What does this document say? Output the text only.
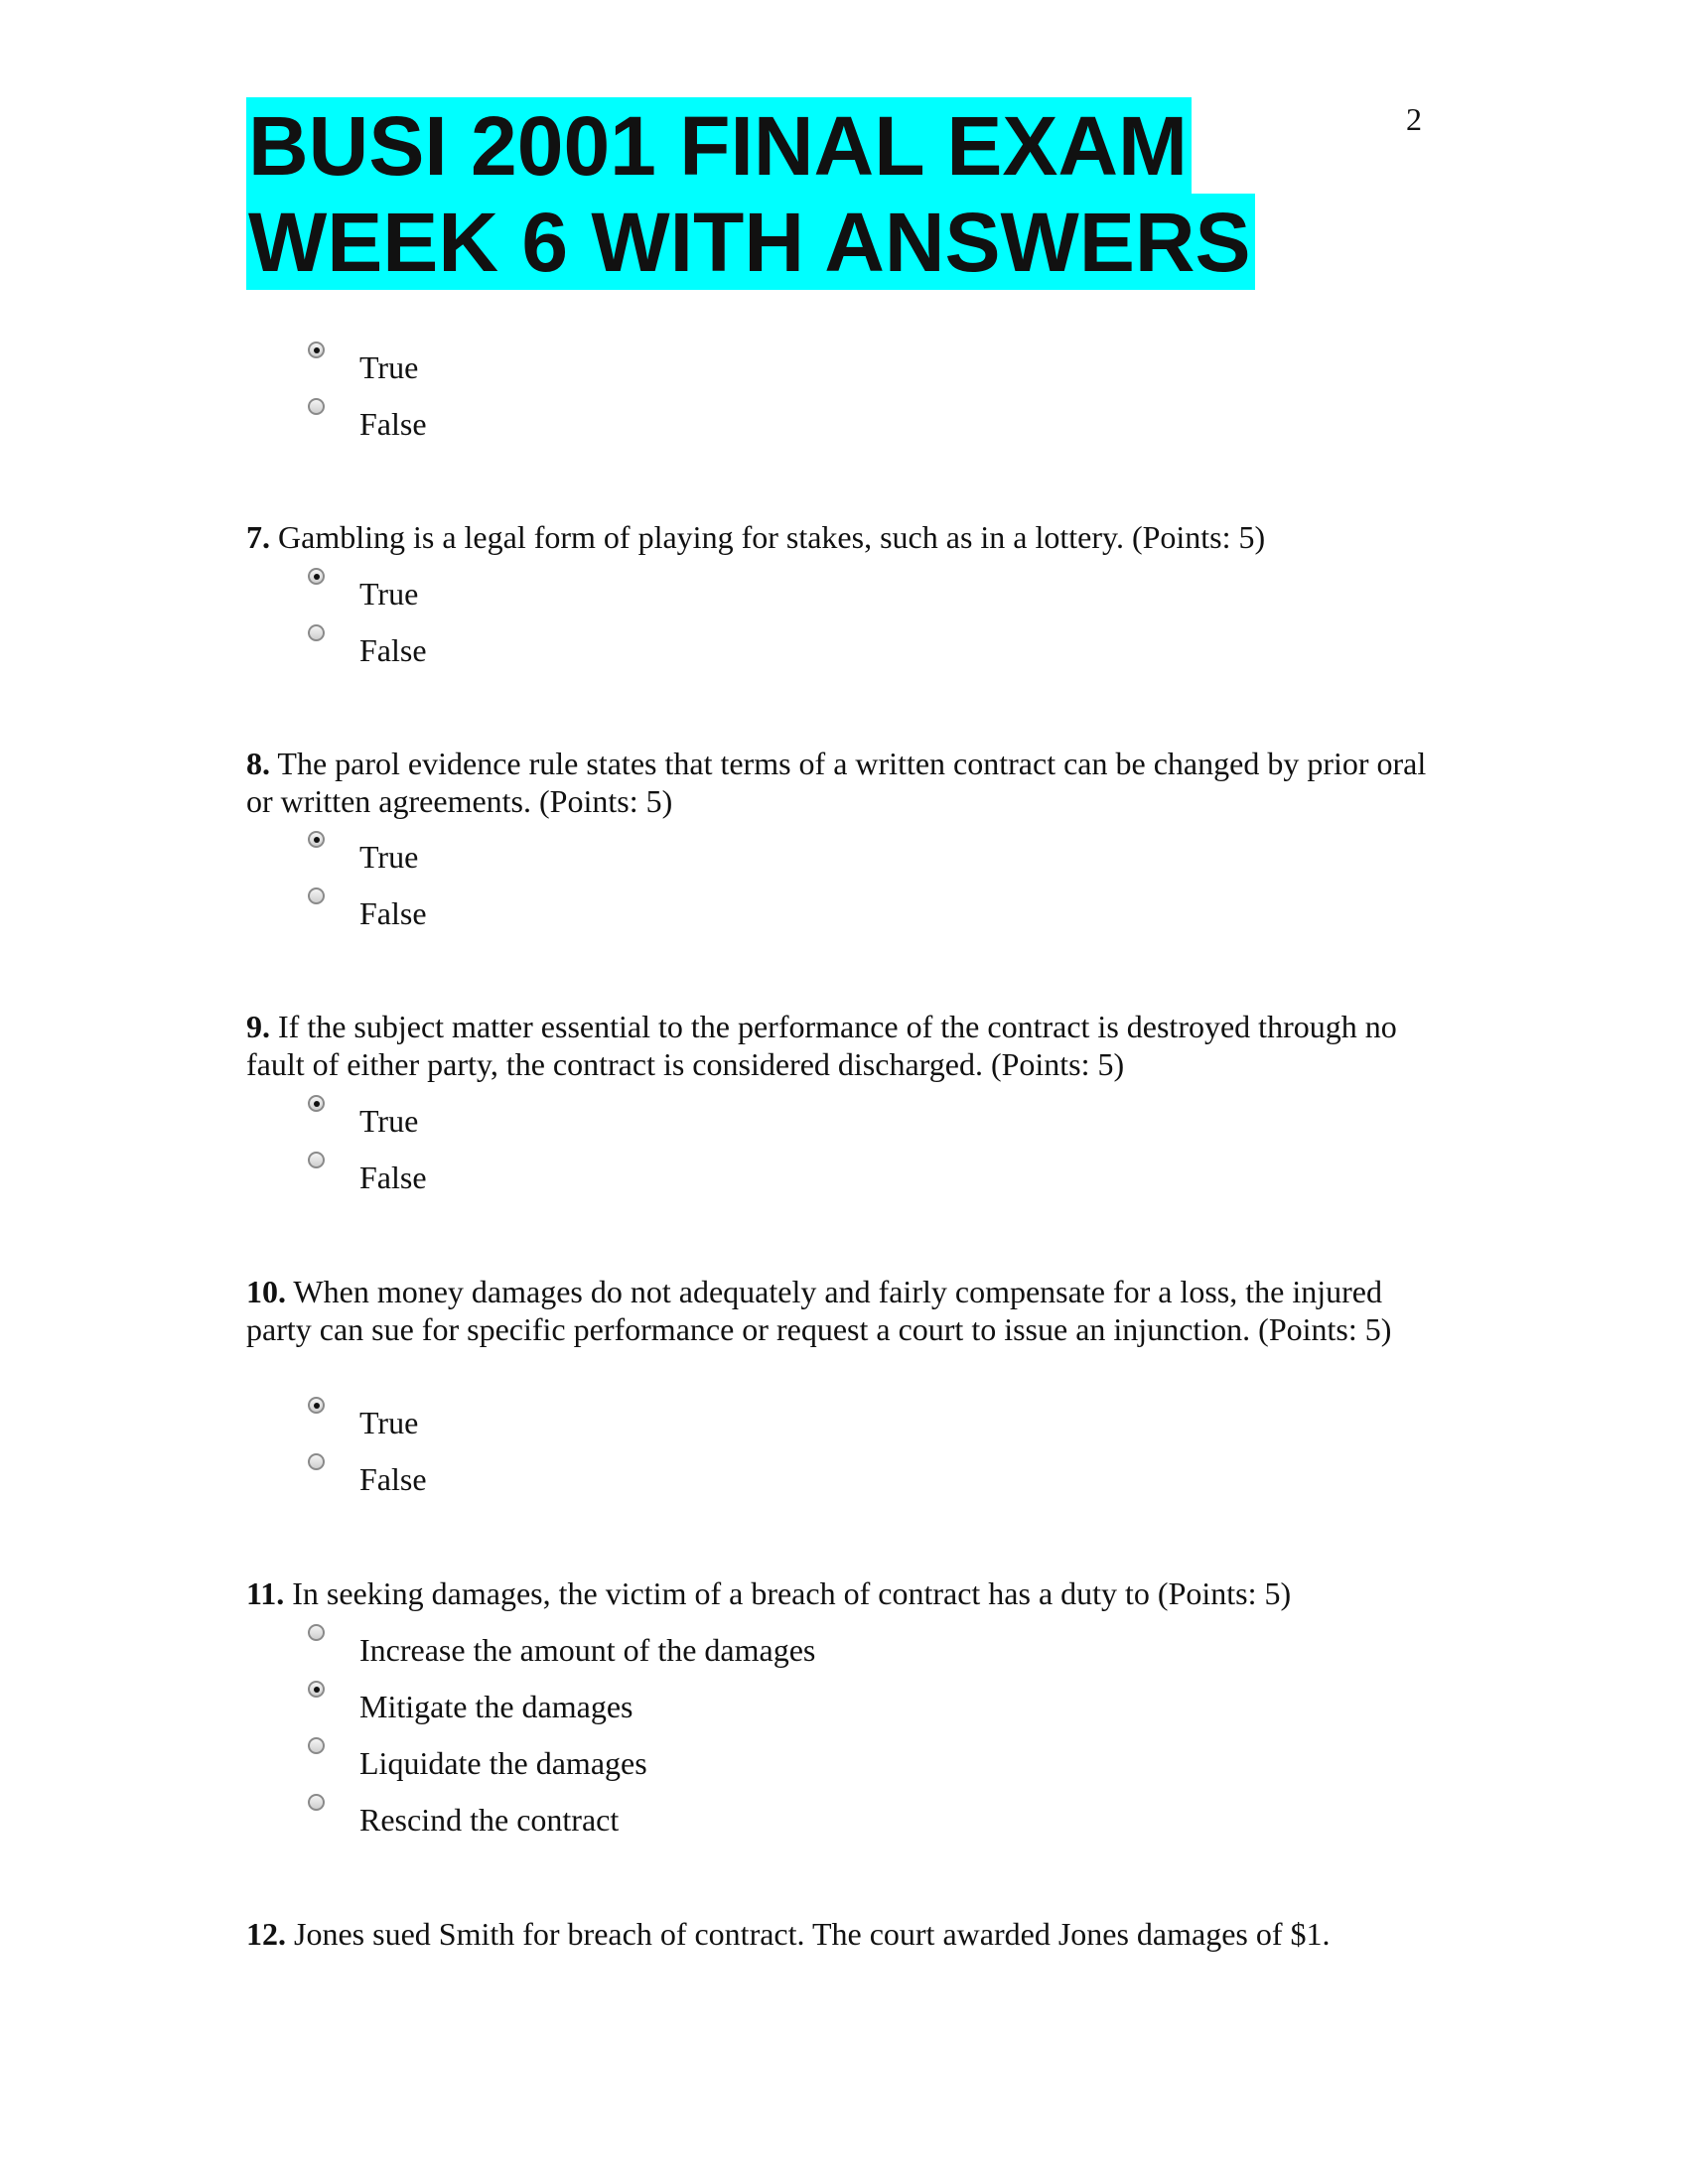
2
BUSI 2001 FINAL EXAM
WEEK 6 WITH ANSWERS
True
False
7. Gambling is a legal form of playing for stakes, such as in a lottery. (Points: 5)
True
False
8. The parol evidence rule states that terms of a written contract can be changed by prior oral or written agreements. (Points: 5)
True
False
9. If the subject matter essential to the performance of the contract is destroyed through no fault of either party, the contract is considered discharged. (Points: 5)
True
False
10. When money damages do not adequately and fairly compensate for a loss, the injured party can sue for specific performance or request a court to issue an injunction. (Points: 5)
True
False
11. In seeking damages, the victim of a breach of contract has a duty to (Points: 5)
Increase the amount of the damages
Mitigate the damages
Liquidate the damages
Rescind the contract
12. Jones sued Smith for breach of contract. The court awarded Jones damages of $1.
